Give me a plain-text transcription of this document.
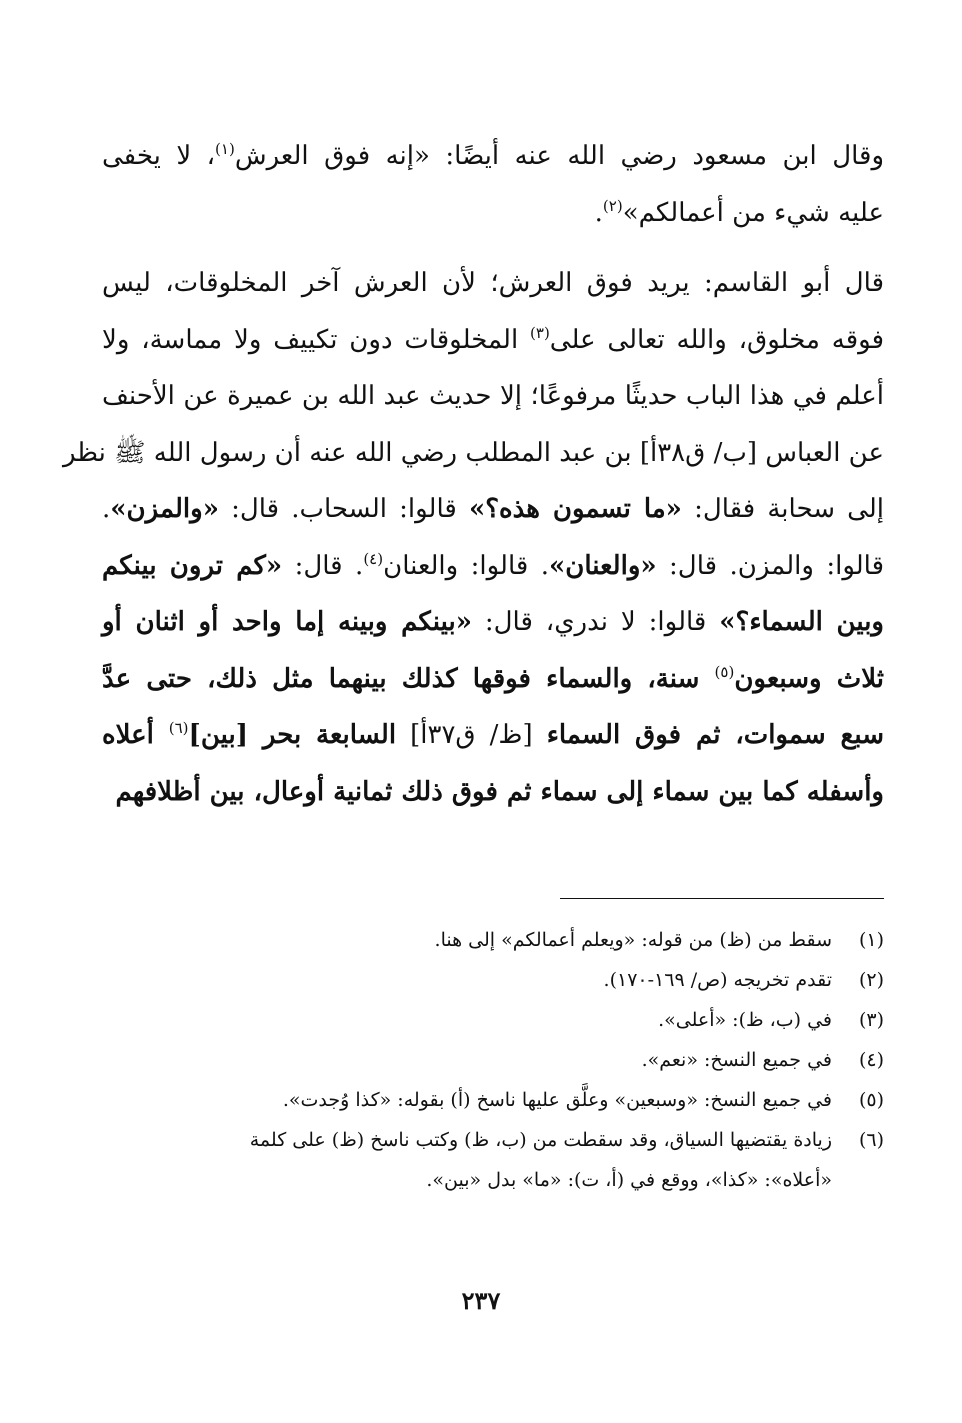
وقال ابن مسعود رضي الله عنه أيضًا: «إنه فوق العرش$^{(١)}$، لا يخفى
عليه شيء من أعمالكم»$^{(٢)}$.
قال أبو القاسم: يريد فوق العرش؛ لأن العرش آخر المخلوقات، ليس
فوقه مخلوق، والله تعالى على$^{(٣)}$ المخلوقات دون تكييف ولا مماسة، ولا
أعلم في هذا الباب حديثًا مرفوعًا؛ إلا حديث عبد الله بن عميرة عن الأحنف
عن العباس [ب/ ق٣٨أ] بن عبد المطلب رضي الله عنه أن رسول الله ﷺ نظر
إلى سحابة فقال: «ما تسمون هذه؟» قالوا: السحاب. قال: «والمزن».
قالوا: والمزن. قال: «والعنان». قالوا: والعنان$^{(٤)}$. قال: «كم ترون بينكم
وبين السماء؟» قالوا: لا ندري، قال: «بينكم وبينه إما واحد أو اثنان أو
ثلاث وسبعون$^{(٥)}$ سنة، والسماء فوقها كذلك بينهما مثل ذلك، حتى عدَّ
سبع سموات، ثم فوق السماء [ظ/ ق٣٧أ] السابعة بحر [بين]$^{(٦)}$ أعلاه
وأسفله كما بين سماء إلى سماء ثم فوق ذلك ثمانية أوعال، بين أظلافهم
(١)
سقط من (ظ) من قوله: «ويعلم أعمالكم» إلى هنا.
(٢)
تقدم تخريجه (ص/ ١٦٩-١٧٠).
(٣)
في (ب، ظ): «أعلى».
(٤)
في جميع النسخ: «نعم».
(٥)
في جميع النسخ: «وسبعين» وعلَّق عليها ناسخ (أ) بقوله: «كذا وُجدت».
(٦)
زيادة يقتضيها السياق، وقد سقطت من (ب، ظ) وكتب ناسخ (ظ) على كلمة
«أعلاه»: «كذا»، ووقع في (أ، ت): «ما» بدل «بين».
٢٣٧
